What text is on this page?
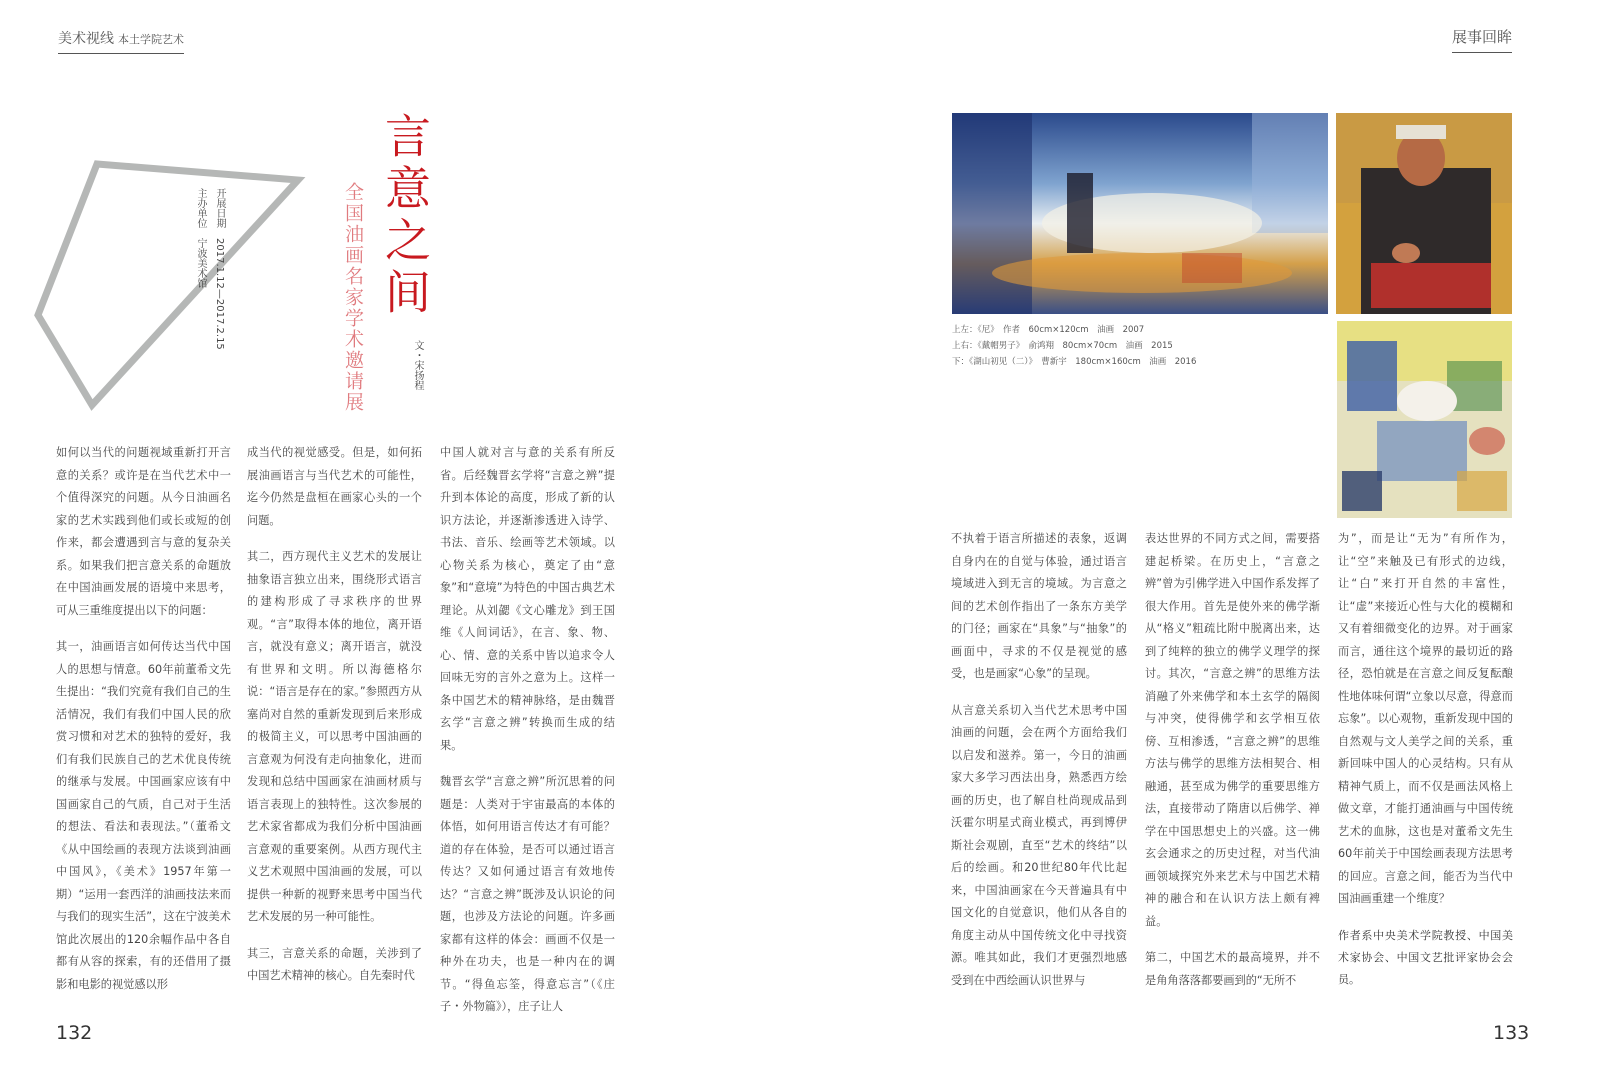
美术视线 本土学院艺术
言意之间
全国油画名家学术邀请展	文・宋扬程
开展日期　2017.1.12—2017.2.15
主办单位　宁波美术馆

如何以当代的问题视域重新打开言意的关系？或许是在当代艺术中一个值得深究的问题。从今日油画名家的艺术实践到他们或长或短的创作来，都会遭遇到言与意的复杂关系。如果我们把言意关系的命题放在中国油画发展的语境中来思考，可从三重维度提出以下的问题：

其一，油画语言如何传达当代中国人的思想与情意。60年前董希文先生提出：“我们究竟有我们自己的生活情况，我们有我们中国人民的欣赏习惯和对艺术的独特的爱好，我们有我们民族自己的艺术优良传统的继承与发展。中国画家应该有中国画家自己的气质，自己对于生活的想法、看法和表现法。”（董希文《从中国绘画的表现方法谈到油画中国风》，《美术》1957年第一期）“运用一套西洋的油画技法来而与我们的现实生活”，这在宁波美术馆此次展出的120余幅作品中各自都有从容的探索，有的还借用了摄影和电影的视觉感以形

成当代的视觉感受。但是，如何拓展油画语言与当代艺术的可能性，迄今仍然是盘桓在画家心头的一个问题。

其二，西方现代主义艺术的发展让抽象语言独立出来，围绕形式语言的建构形成了寻求秩序的世界观。“言”取得本体的地位，离开语言，就没有意义；离开语言，就没有世界和文明。所以海德格尔说：“语言是存在的家。”参照西方从塞尚对自然的重新发现到后来形成的极简主义，可以思考中国油画的言意观为何没有走向抽象化，进而发现和总结中国画家在油画材质与语言表现上的独特性。这次参展的艺术家省都成为我们分析中国油画言意观的重要案例。从西方现代主义艺术观照中国油画的发展，可以提供一种新的视野来思考中国当代艺术发展的另一种可能性。

其三，言意关系的命题，关涉到了中国艺术精神的核心。自先秦时代

中国人就对言与意的关系有所反省。后经魏晋玄学将“言意之辨”提升到本体论的高度，形成了新的认识方法论，并逐渐渗透进入诗学、书法、音乐、绘画等艺术领域。以心物关系为核心，奠定了由“意象”和“意境”为特色的中国古典艺术理论。从刘勰《文心雕龙》到王国维《人间词话》，在言、象、物、心、情、意的关系中皆以追求令人回味无穷的言外之意为上。这样一条中国艺术的精神脉络，是由魏晋玄学“言意之辨”转换而生成的结果。

魏晋玄学“言意之辨”所沉思着的问题是：人类对于宇宙最高的本体的体悟，如何用语言传达才有可能？道的存在体验，是否可以通过语言传达？又如何通过语言有效地传达？“言意之辨”既涉及认识论的问题，也涉及方法论的问题。许多画家都有这样的体会：画画不仅是一种外在功夫，也是一种内在的调节。“得鱼忘筌，得意忘言”（《庄子・外物篇》），庄子让人

132
展事回眸
上左：《尼》　作者　60cm×120cm　油画　2007
上右：《戴帽男子》　俞鸿翔　80cm×70cm　油画　2015
下：《湖山初见（二）》　曹新宇　180cm×160cm　油画　2016

不执着于语言所描述的表象，返调自身内在的自觉与体验，通过语言境域进入到无言的境域。为言意之间的艺术创作指出了一条东方美学的门径；画家在“具象”与“抽象”的画面中，寻求的不仅是视觉的感受，也是画家“心象”的呈现。

从言意关系切入当代艺术思考中国油画的问题，会在两个方面给我们以启发和滋养。第一，今日的油画家大多学习西法出身，熟悉西方绘画的历史，也了解自杜尚现成品到沃霍尔明星式商业模式，再到博伊斯社会观剧，直至“艺术的终结”以后的绘画。和20世纪80年代比起来，中国油画家在今天普遍具有中国文化的自觉意识，他们从各自的角度主动从中国传统文化中寻找资源。唯其如此，我们才更强烈地感受到在中西绘画认识世界与

表达世界的不同方式之间，需要搭建起桥梁。在历史上，“言意之辨”曾为引佛学进入中国作系发挥了很大作用。首先是使外来的佛学渐从“格义”粗疏比附中脱离出来，达到了纯粹的独立的佛学义理学的探讨。其次，“言意之辨”的思维方法消融了外来佛学和本土玄学的隔阂与冲突，使得佛学和玄学相互依傍、互相渗透，“言意之辨”的思维方法与佛学的思维方法相契合、相融通，甚至成为佛学的重要思维方法，直接带动了隋唐以后佛学、禅学在中国思想史上的兴盛。这一佛玄会通求之的历史过程，对当代油画领域探究外来艺术与中国艺术精神的融合和在认识方法上颇有裨益。

第二，中国艺术的最高境界，并不是角角落落都要画到的“无所不

为”，而是让“无为”有所作为，让“空”来触及已有形式的边线，让“白”来打开自然的丰富性，让“虚”来接近心性与大化的模糊和又有着细微变化的边界。对于画家而言，通往这个境界的最切近的路径，恐怕就是在言意之间反复酝酿性地体味何谓“立象以尽意，得意而忘象”。以心观物，重新发现中国的自然观与文人美学之间的关系，重新回味中国人的心灵结构。只有从精神气质上，而不仅是画法风格上做文章，才能打通油画与中国传统艺术的血脉，这也是对董希文先生60年前关于中国绘画表现方法思考的回应。言意之间，能否为当代中国油画重建一个维度？

作者系中央美术学院教授、中国美术家协会、中国文艺批评家协会会员。
133
